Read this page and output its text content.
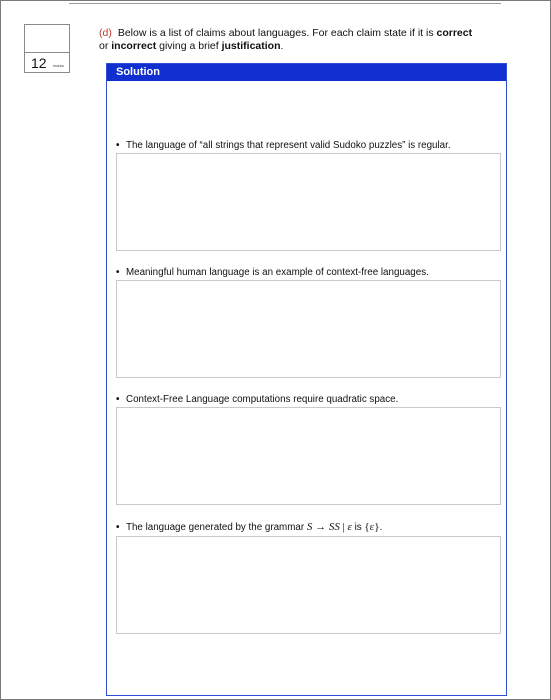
12 marks
(d) Below is a list of claims about languages. For each claim state if it is correct
or incorrect giving a brief justification.
Solution
• The language of “all strings that represent valid Sudoko puzzles” is regular.
• Meaningful human language is an example of context-free languages.
• Context-Free Language computations require quadratic space.
• The language generated by the grammar S → SS | ε is {ε}.
